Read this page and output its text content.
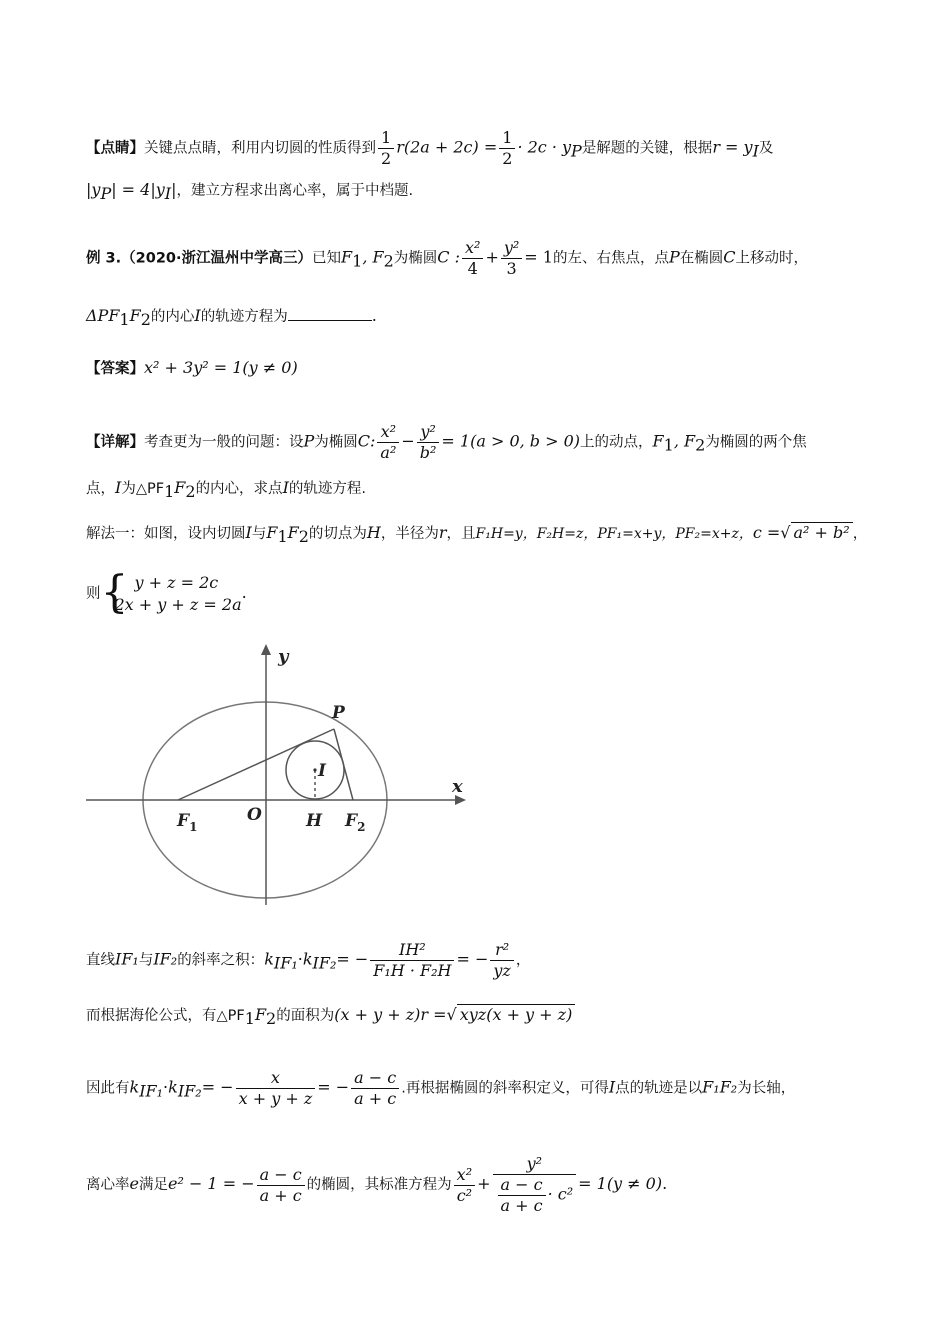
【点睛】关键点点睛，利用内切圆的性质得到 $\frac{1}{2} r(2a + 2c) = \frac{1}{2} \cdot 2c \cdot y_P$是解题的关键，根据$r = y_I$及
$|y_P| = 4|y_I|$，建立方程求出离心率，属于中档题.
例 3.（2020·浙江温州中学高三）已知$F_1$, $F_2$为椭圆C : $\frac{\text{x²}}{4} + \frac{\text{y²}}{3} = 1$的左、右焦点，点P在椭圆C上移动时，
$\Delta PF_1F_2$的内心I的轨迹方程为	.
【答案】x² + 3y² = 1(y ≠ 0)
【详解】考查更为一般的问题：设P为椭圆C: $\frac{\text{x²}}{\text{a²}} - \frac{\text{y²}}{\text{b²}} = 1(a > 0$, b > 0)上的动点，$F_1$, $F_2$为椭圆的两个焦
点，I为$\triangle PF_1F_2$的内心，求点I的轨迹方程.
解法一：如图，设内切圆I与$F_1F_2$的切点为H，半径为r，且F₁H=y，F₂H=z，PF₁=x+y，PF₂=x+z，c =√ a² + b² ，
则 { y + z = 2c
2x + y + z = 2a
.
y
x
P
I
O	H
$F_1$	$F_2$
直线IF₁与IF₂的斜率之积：$k_{IF_1}\cdot k_{IF_2}= - \frac{\text{IH²}}{\text{F₁H · F₂H}}$ = − $\frac{\text{r²}}{yz}$ ，
而根据海伦公式，有$\triangle PF_1F_2$的面积为(x + y + z)r =√ xyz(x + y + z)
因此有$k_{IF_1}\cdot k_{IF_2}= - \frac{x}{x + y + z}$ = − $\frac{a - c}{a + c}$ .再根据椭圆的斜率积定义，可得I点的轨迹是以F₁F₂为长轴，
离心率e满足e² − 1 = − $\frac{a - c}{a + c}$ 的椭圆，其标准方程为 $\frac{\text{x²}}{\text{c²}} + \frac{\text{y²}}{\frac{a - c}{a + c} \cdot c^2} = 1(y \ne 0)$.
